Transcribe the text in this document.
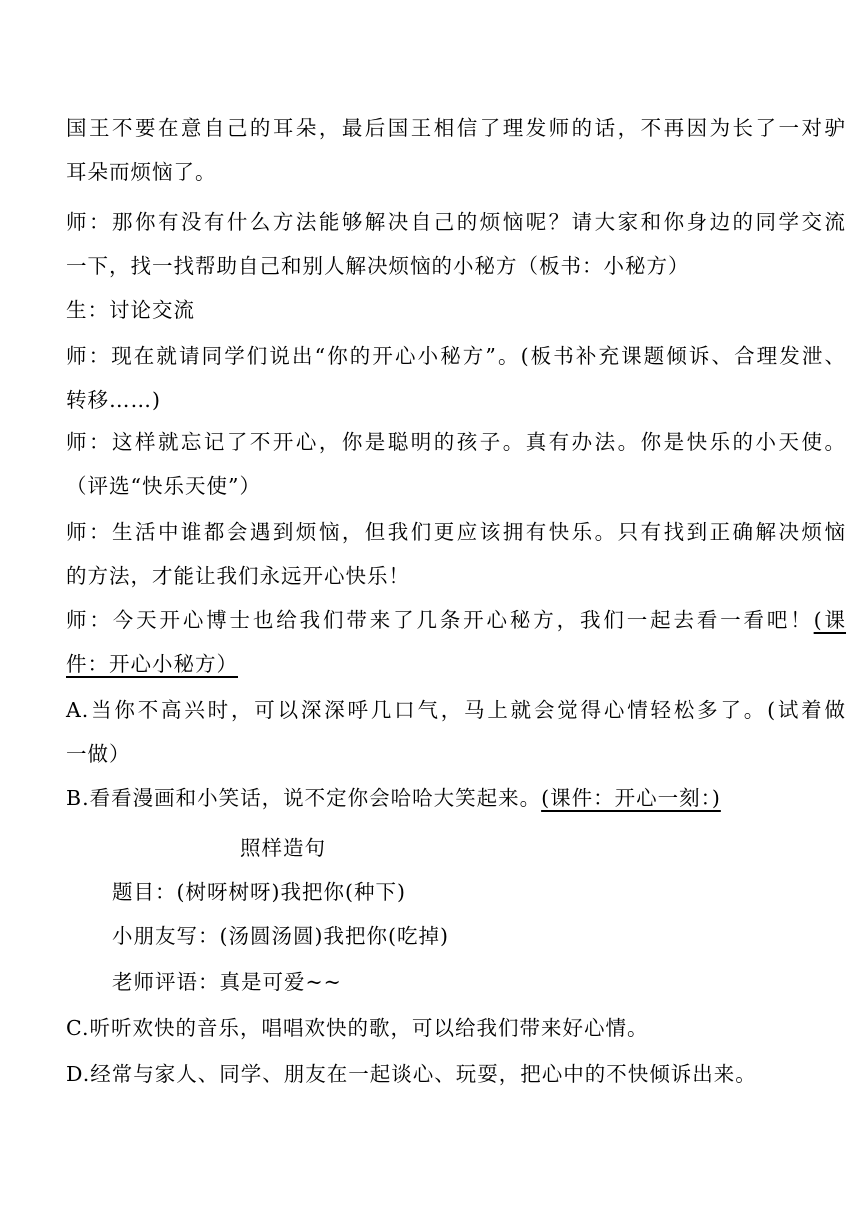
国王不要在意自己的耳朵，最后国王相信了理发师的话，不再因为长了一对驴
耳朵而烦恼了。
师：那你有没有什么方法能够解决自己的烦恼呢？请大家和你身边的同学交流
一下，找一找帮助自己和别人解决烦恼的小秘方（板书：小秘方）
生：讨论交流
师：现在就请同学们说出“你的开心小秘方”。(板书补充课题倾诉、合理发泄、
转移……)
师：这样就忘记了不开心，你是聪明的孩子。真有办法。你是快乐的小天使。
（评选“快乐天使”）
师：生活中谁都会遇到烦恼，但我们更应该拥有快乐。只有找到正确解决烦恼
的方法，才能让我们永远开心快乐！
师：今天开心博士也给我们带来了几条开心秘方，我们一起去看一看吧！(课
件：开心小秘方）
A.当你不高兴时，可以深深呼几口气，马上就会觉得心情轻松多了。(试着做
一做）
B.看看漫画和小笑话，说不定你会哈哈大笑起来。(课件：开心一刻：)
照样造句
题目：(树呀树呀)我把你(种下)
小朋友写：(汤圆汤圆)我把你(吃掉)
老师评语：真是可爱~~
C.听听欢快的音乐，唱唱欢快的歌，可以给我们带来好心情。
D.经常与家人、同学、朋友在一起谈心、玩耍，把心中的不快倾诉出来。
